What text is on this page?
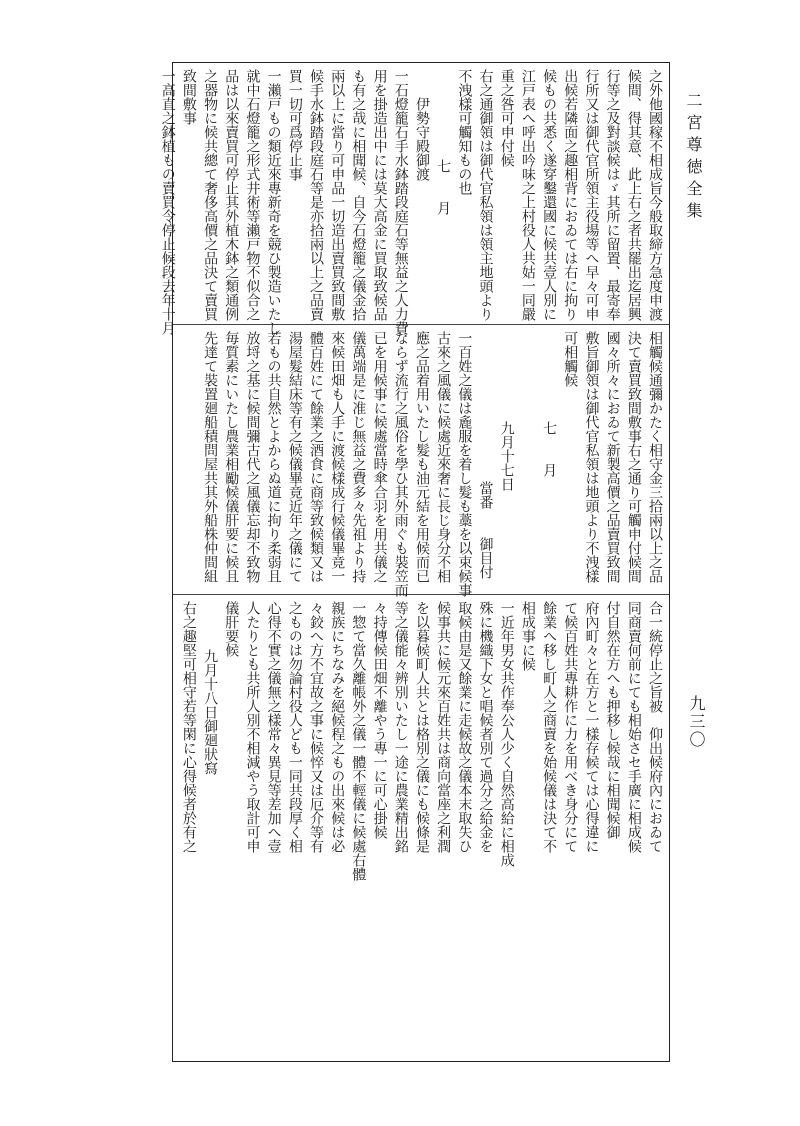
二宮尊徳全集
九三〇
之外他國稼不相成旨今般取締方急度申渡
候間、得其意、此上右之者共罷出迄居興
行等之及對談候はゞ其所に留置、最寄奉
行所又は御代官所領主役場等へ早々可申
出候若隣面之趣相背におゐては右に拘り
候もの共悉く遂穿鑿還國に候共壹人別に
江戸表へ呼出吟味之上村役人共姑一同嚴
重之咎可申付候
右之通御領は御代官私領は領主地頭より
不洩樣可觸知もの也
七　　月
伊勢守殿御渡
一石燈籠石手水鉢踏段庭石等無益之人力費
用を掛造出中には莫大高金に買取致候品
も有之哉に相聞候、自今石燈籠之儀金拾
兩以上に當り可申品一切造出賣買致間敷
候手水鉢踏段庭石等是亦拾兩以上之品賣
買一切可爲停止事
一瀨戸もの類近來專新奇を競ひ製造いたし
就中石燈籠之形式井術等瀨戸物不似合之
品は以來賣買可停止其外植木鉢之類通例
之器物に候共總て奢侈高價之品決て賣買
致間敷事
一高直之鉢植もの賣買令停止候段去年十月
相觸候通彌かたく相守金三拾兩以上之品
決て賣買致間敷事右之通り可觸申付候間
國々所々におゐて新製高價之品賣買致間
敷旨御領は御代官私領は地頭より不洩樣
可相觸候
七　　月
九月十七日
當番　　御目付
一百姓之儀は麁服を着し髮も藁を以束候事
古來之風儀に候處近來奢に長じ身分不相
應之品着用いたし髮も油元結を用候而已
ならず流行之風俗を學ひ其外雨ぐも裝笠而
已を用候事に候處當時傘合羽を用共儀之
儀萬端是に准じ無益之費多々先祖より持
來候田畑も人手に渡候樣成行候儀畢竟一
體百姓にて餘業之酒食に商等致候類又は
湯屋髮結床等有之候儀畢竟近年之儀にて
若もの共自然とよからぬ道に拘り柔弱且
放埒之基に候間彌古代之風儀忘却不致物
毎質素にいたし農業相勵候儀肝要に候且
先達て裝置廻船積問屋共其外船株仲間組
合一統停止之旨被　仰出候府內におゐて
同商賣何前にても相始さセ手廣に相成候
付自然在方へも押移し候哉に相聞候御
府內町々と在方と一樣存候ては心得違に
て候百姓共專耕作に力を用べき身分にて
餘業へ移し町人之商賣を始候儀は決て不
相成事に候
一近年男女共作奉公人少く自然高給に相成
殊に機織下女と唱候者別て過分之給金を
取候由是又餘業に走候故之儀本末取失ひ
候事共に候元來百姓共は商向當座之利潤
を以暮候町人共とは格別之儀にも候條是
等之儀能々辨別いたし一途に農業精出銘
々持傳候田畑不離やう專一に可心掛候
一惣て當久離帳外之儀一體不輕儀に候處右體
親族にちなみを絕候程之もの出來候は必
々鉸へ方不宜故之事に候悴又は厄介等有
之ものは勿論村役人ども一同共段厚く相
心得不實之儀無之樣常々異見等差加へ壹
人たりとも共所人別不相減やう取計可申
儀肝要候
九月十八日御廻狀寫
右之趣堅可相守若等閑に心得候者於有之
